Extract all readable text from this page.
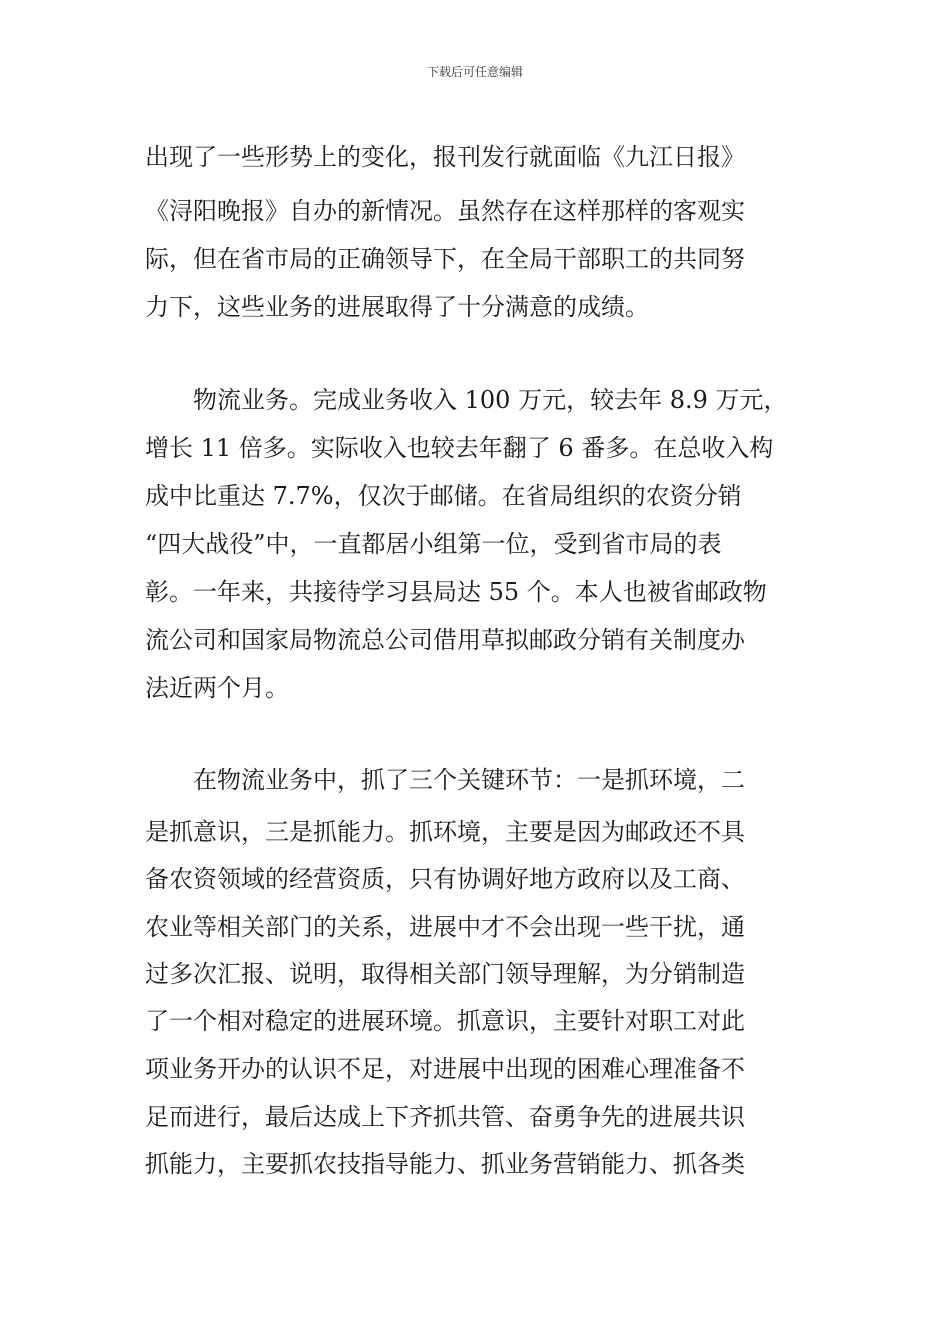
下载后可任意编辑
出现了一些形势上的变化，报刊发行就面临《九江日报》
《浔阳晚报》自办的新情况。虽然存在这样那样的客观实
际，但在省市局的正确领导下，在全局干部职工的共同努
力下，这些业务的进展取得了十分满意的成绩。
　　物流业务。完成业务收入 100 万元，较去年 8.9 万元，
增长 11 倍多。实际收入也较去年翻了 6 番多。在总收入构
成中比重达 7.7%，仅次于邮储。在省局组织的农资分销
“四大战役”中，一直都居小组第一位，受到省市局的表
彰。一年来，共接待学习县局达 55 个。本人也被省邮政物
流公司和国家局物流总公司借用草拟邮政分销有关制度办
法近两个月。
　　在物流业务中，抓了三个关键环节：一是抓环境，二
是抓意识，三是抓能力。抓环境，主要是因为邮政还不具
备农资领域的经营资质，只有协调好地方政府以及工商、
农业等相关部门的关系，进展中才不会出现一些干扰，通
过多次汇报、说明，取得相关部门领导理解，为分销制造
了一个相对稳定的进展环境。抓意识，主要针对职工对此
项业务开办的认识不足，对进展中出现的困难心理准备不
足而进行，最后达成上下齐抓共管、奋勇争先的进展共识
抓能力，主要抓农技指导能力、抓业务营销能力、抓各类
